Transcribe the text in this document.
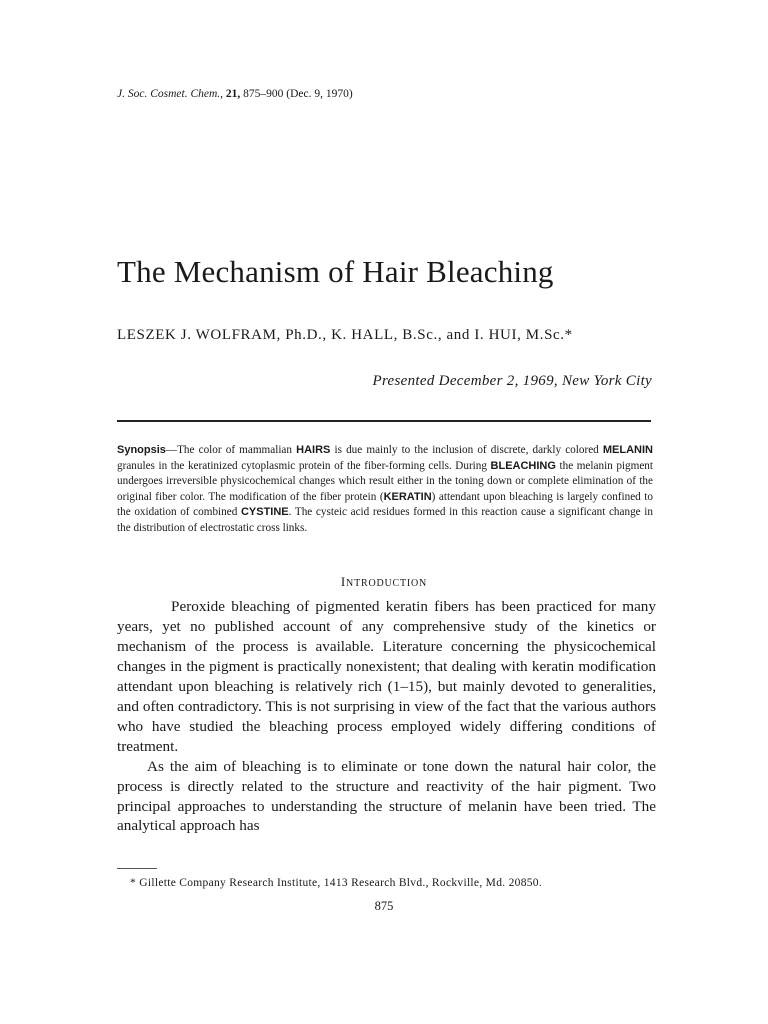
J. Soc. Cosmet. Chem., 21, 875–900 (Dec. 9, 1970)
The Mechanism of Hair Bleaching
LESZEK J. WOLFRAM, Ph.D., K. HALL, B.Sc., and I. HUI, M.Sc.*
Presented December 2, 1969, New York City
Synopsis—The color of mammalian HAIRS is due mainly to the inclusion of discrete, darkly colored MELANIN granules in the keratinized cytoplasmic protein of the fiber-forming cells. During BLEACHING the melanin pigment undergoes irreversible physicochemical changes which result either in the toning down or complete elimination of the original fiber color. The modification of the fiber protein (KERATIN) attendant upon bleaching is largely confined to the oxidation of combined CYSTINE. The cysteic acid residues formed in this reaction cause a significant change in the distribution of electrostatic cross links.
INTRODUCTION

Peroxide bleaching of pigmented keratin fibers has been practiced for many years, yet no published account of any comprehensive study of the kinetics or mechanism of the process is available. Literature concerning the physicochemical changes in the pigment is practically nonexistent; that dealing with keratin modification attendant upon bleaching is relatively rich (1–15), but mainly devoted to generalities, and often contradictory. This is not surprising in view of the fact that the various authors who have studied the bleaching process employed widely differing conditions of treatment.

As the aim of bleaching is to eliminate or tone down the natural hair color, the process is directly related to the structure and reactivity of the hair pigment. Two principal approaches to understanding the structure of melanin have been tried. The analytical approach has

* Gillette Company Research Institute, 1413 Research Blvd., Rockville, Md. 20850.
875
